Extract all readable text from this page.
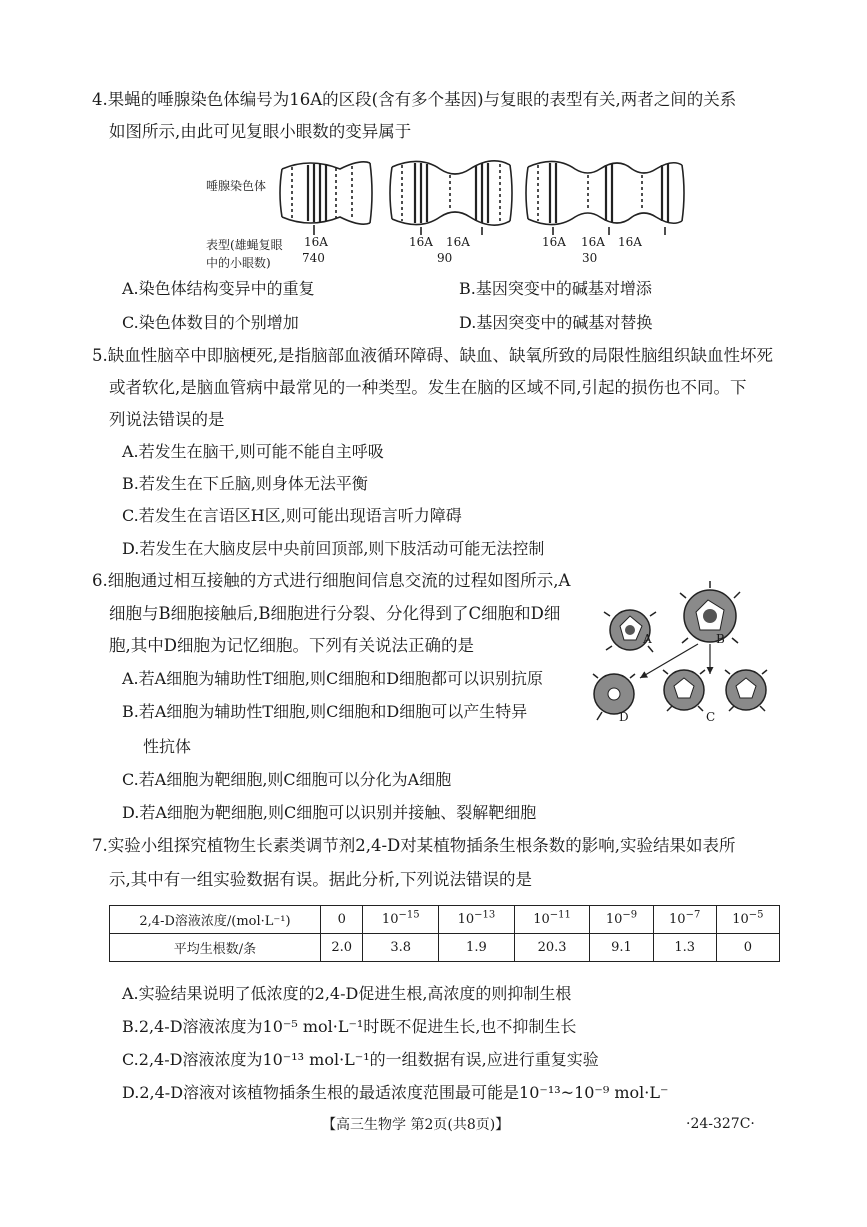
4.果蝇的唾腺染色体编号为16A的区段(含有多个基因)与复眼的表型有关,两者之间的关系
如图所示,由此可见复眼小眼数的变异属于
唾腺染色体
表型(雄蝇复眼
中的小眼数)
16A
740
16A 16A
90
16A 16A 16A
30
A.染色体结构变异中的重复	B.基因突变中的碱基对增添
C.染色体数目的个别增加	D.基因突变中的碱基对替换
5.缺血性脑卒中即脑梗死,是指脑部血液循环障碍、缺血、缺氧所致的局限性脑组织缺血性坏死
或者软化,是脑血管病中最常见的一种类型。发生在脑的区域不同,引起的损伤也不同。下
列说法错误的是
A.若发生在脑干,则可能不能自主呼吸
B.若发生在下丘脑,则身体无法平衡
C.若发生在言语区H区,则可能出现语言听力障碍
D.若发生在大脑皮层中央前回顶部,则下肢活动可能无法控制
6.细胞通过相互接触的方式进行细胞间信息交流的过程如图所示,A
细胞与B细胞接触后,B细胞进行分裂、分化得到了C细胞和D细
胞,其中D细胞为记忆细胞。下列有关说法正确的是
A.若A细胞为辅助性T细胞,则C细胞和D细胞都可以识别抗原
B.若A细胞为辅助性T细胞,则C细胞和D细胞可以产生特异
性抗体
C.若A细胞为靶细胞,则C细胞可以分化为A细胞
D.若A细胞为靶细胞,则C细胞可以识别并接触、裂解靶细胞
A	B
D	C
7.实验小组探究植物生长素类调节剂2,4-D对某植物插条生根条数的影响,实验结果如表所
示,其中有一组实验数据有误。据此分析,下列说法错误的是
2,4-D溶液浓度/(mol·L⁻¹)	0	$10^{-15}$	$10^{-13}$	$10^{-11}$	$10^{-9}$	$10^{-7}$	$10^{-5}$
平均生根数/条	2.0	3.8	1.9	20.3	9.1	1.3	0
A.实验结果说明了低浓度的2,4-D促进生根,高浓度的则抑制生根
B.2,4-D溶液浓度为10⁻⁵ mol·L⁻¹时既不促进生长,也不抑制生长
C.2,4-D溶液浓度为10⁻¹³ mol·L⁻¹的一组数据有误,应进行重复实验
D.2,4-D溶液对该植物插条生根的最适浓度范围最可能是10⁻¹³~10⁻⁹ mol·L⁻
【高三生物学 第2页(共8页)】	·24-327C·
